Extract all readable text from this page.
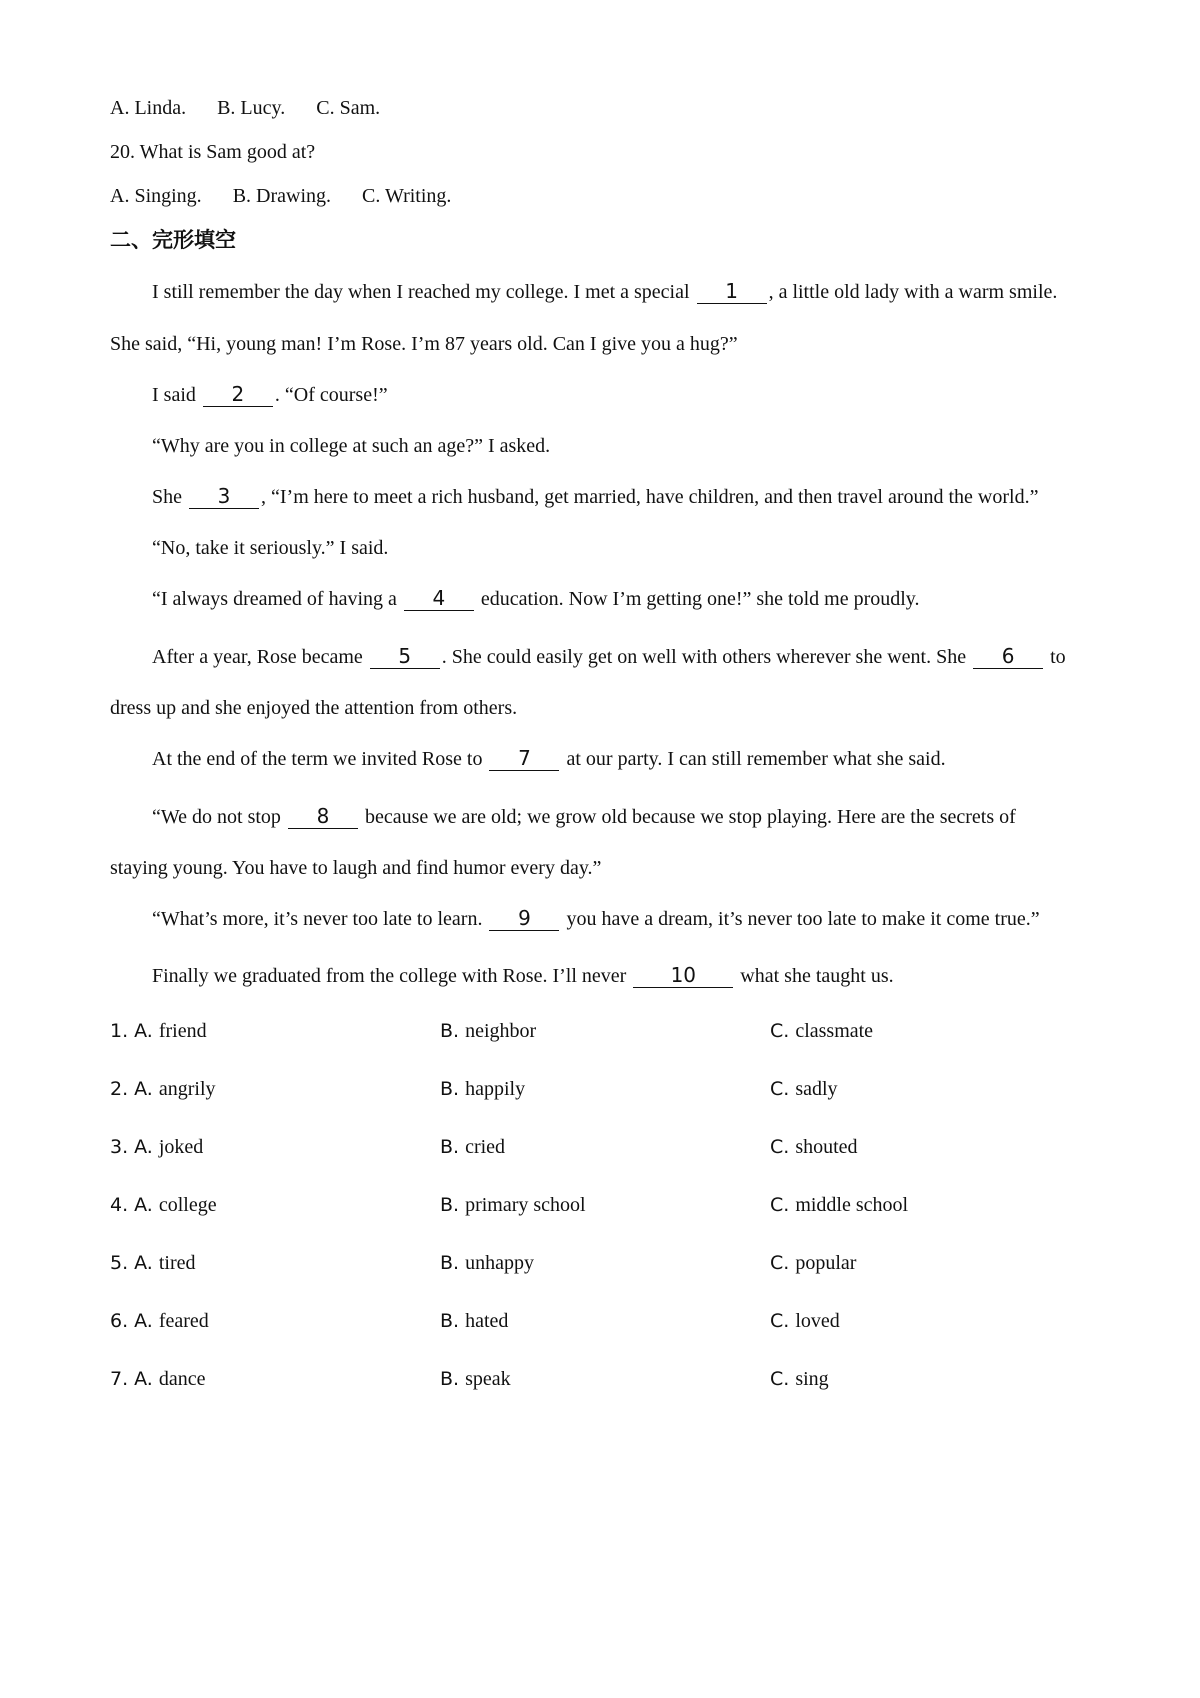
A. Linda. B. Lucy. C. Sam.
20. What is Sam good at?
A. Singing. B. Drawing. C. Writing.
二、完形填空
I still remember the day when I reached my college. I met a special 1 , a little old lady with a warm smile.
She said, “Hi, young man! I’m Rose. I’m 87 years old. Can I give you a hug?”
I said 2 . “Of course!”
“Why are you in college at such an age?” I asked.
She 3 , “I’m here to meet a rich husband, get married, have children, and then travel around the world.”
“No, take it seriously.” I said.
“I always dreamed of having a 4 education. Now I’m getting one!” she told me proudly.
After a year, Rose became 5 . She could easily get on well with others wherever she went. She 6 to
dress up and she enjoyed the attention from others.
At the end of the term we invited Rose to 7 at our party. I can still remember what she said.
“We do not stop 8 because we are old; we grow old because we stop playing. Here are the secrets of
staying young. You have to laugh and find humor every day.”
“What’s more, it’s never too late to learn. 9 you have a dream, it’s never too late to make it come true.”
Finally we graduated from the college with Rose. I’ll never 10 what she taught us.
1. A. friend	B. neighbor	C. classmate
2. A. angrily	B. happily	C. sadly
3. A. joked	B. cried	C. shouted
4. A. college	B. primary school	C. middle school
5. A. tired	B. unhappy	C. popular
6. A. feared	B. hated	C. loved
7. A. dance	B. speak	C. sing
